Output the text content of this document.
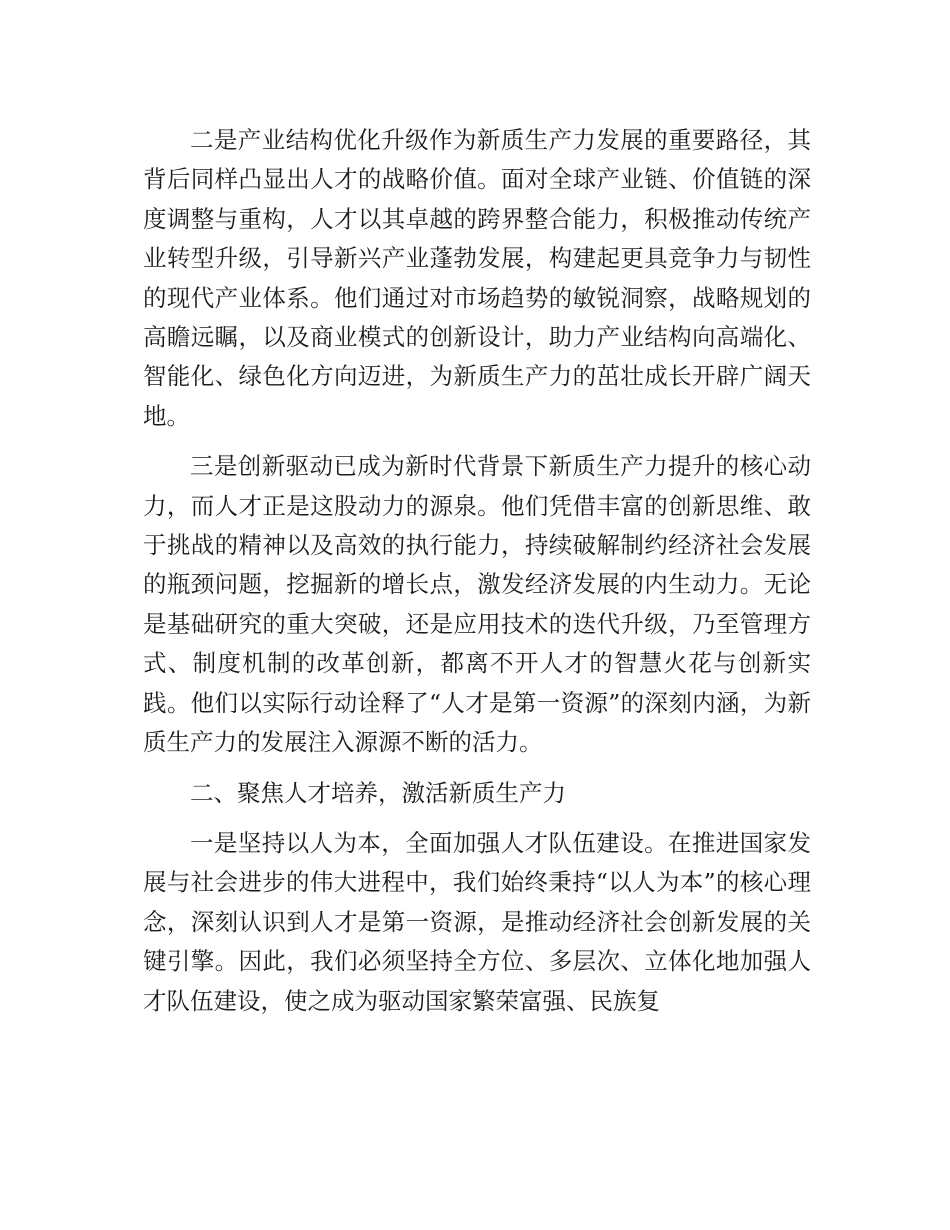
二是产业结构优化升级作为新质生产力发展的重要路径，其背后同样凸显出人才的战略价值。面对全球产业链、价值链的深度调整与重构，人才以其卓越的跨界整合能力，积极推动传统产业转型升级，引导新兴产业蓬勃发展，构建起更具竞争力与韧性的现代产业体系。他们通过对市场趋势的敏锐洞察，战略规划的高瞻远瞩，以及商业模式的创新设计，助力产业结构向高端化、智能化、绿色化方向迈进，为新质生产力的茁壮成长开辟广阔天地。

三是创新驱动已成为新时代背景下新质生产力提升的核心动力，而人才正是这股动力的源泉。他们凭借丰富的创新思维、敢于挑战的精神以及高效的执行能力，持续破解制约经济社会发展的瓶颈问题，挖掘新的增长点，激发经济发展的内生动力。无论是基础研究的重大突破，还是应用技术的迭代升级，乃至管理方式、制度机制的改革创新，都离不开人才的智慧火花与创新实践。他们以实际行动诠释了“人才是第一资源”的深刻内涵，为新质生产力的发展注入源源不断的活力。

二、聚焦人才培养，激活新质生产力

一是坚持以人为本，全面加强人才队伍建设。在推进国家发展与社会进步的伟大进程中，我们始终秉持“以人为本”的核心理念，深刻认识到人才是第一资源，是推动经济社会创新发展的关键引擎。因此，我们必须坚持全方位、多层次、立体化地加强人才队伍建设，使之成为驱动国家繁荣富强、民族复
